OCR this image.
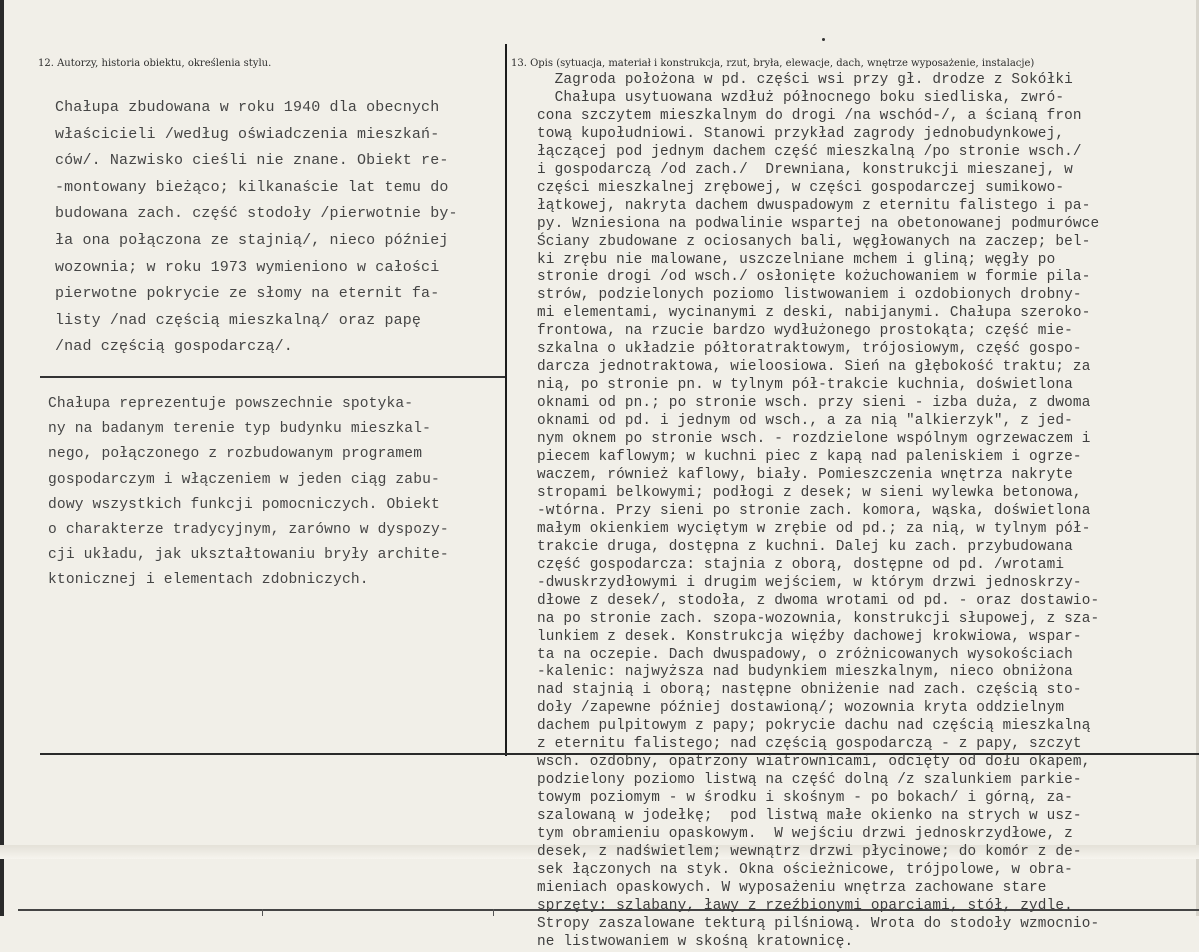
12. Autorzy, historia obiektu, określenia stylu.	13. Opis (sytuacja, materiał i konstrukcja, rzut, bryła, elewacje, dach, wnętrze wyposażenie, instalacje)
Chałupa zbudowana w roku 1940 dla obecnych
właścicieli /według oświadczenia mieszkań-
ców/. Nazwisko cieśli nie znane. Obiekt re-
-montowany bieżąco; kilkanaście lat temu do
budowana zach. część stodoły /pierwotnie by-
ła ona połączona ze stajnią/, nieco później
wozownia; w roku 1973 wymieniono w całości
pierwotne pokrycie ze słomy na eternit fa-
listy /nad częścią mieszkalną/ oraz papę
/nad częścią gospodarczą/.
Chałupa reprezentuje powszechnie spotyka-
ny na badanym terenie typ budynku mieszkal-
nego, połączonego z rozbudowanym programem
gospodarczym i włączeniem w jeden ciąg zabu-
dowy wszystkich funkcji pomocniczych. Obiekt
o charakterze tradycyjnym, zarówno w dyspozy-
cji układu, jak ukształtowaniu bryły archite-
ktonicznej i elementach zdobniczych.
Zagroda położona w pd. części wsi przy gł. drodze z Sokółki
Chałupa usytuowana wzdłuż północnego boku siedliska, zwró-
cona szczytem mieszkalnym do drogi /na wschód-/, a ścianą fron
tową kupołudniowi. Stanowi przykład zagrody jednobudynkowej,
łączącej pod jednym dachem część mieszkalną /po stronie wsch./
i gospodarczą /od zach./  Drewniana, konstrukcji mieszanej, w
części mieszkalnej zrębowej, w części gospodarczej sumikowo-
łątkowej, nakryta dachem dwuspadowym z eternitu falistego i pa-
py. Wzniesiona na podwalinie wspartej na obetonowanej podmurówce
Ściany zbudowane z ociosanych bali, węgłowanych na zaczep; bel-
ki zrębu nie malowane, uszczelniane mchem i gliną; węgły po
stronie drogi /od wsch./ osłonięte kożuchowaniem w formie pila-
strów, podzielonych poziomo listwowaniem i ozdobionych drobny-
mi elementami, wycinanymi z deski, nabijanymi. Chałupa szeroko-
frontowa, na rzucie bardzo wydłużonego prostokąta; część mie-
szkalna o układzie półtoratraktowym, trójosiowym, część gospo-
darcza jednotraktowa, wieloosiowa. Sień na głębokość traktu; za
nią, po stronie pn. w tylnym pół-trakcie kuchnia, doświetlona
oknami od pn.; po stronie wsch. przy sieni - izba duża, z dwoma
oknami od pd. i jednym od wsch., a za nią "alkierzyk", z jed-
nym oknem po stronie wsch. - rozdzielone wspólnym ogrzewaczem i
piecem kaflowym; w kuchni piec z kapą nad paleniskiem i ogrze-
waczem, również kaflowy, biały. Pomieszczenia wnętrza nakryte
stropami belkowymi; podłogi z desek; w sieni wylewka betonowa,
-wtórna. Przy sieni po stronie zach. komora, wąska, doświetlona
małym okienkiem wyciętym w zrębie od pd.; za nią, w tylnym pół-
trakcie druga, dostępna z kuchni. Dalej ku zach. przybudowana
część gospodarcza: stajnia z oborą, dostępne od pd. /wrotami
-dwuskrzydłowymi i drugim wejściem, w którym drzwi jednoskrzy-
dłowe z desek/, stodoła, z dwoma wrotami od pd. - oraz dostawio-
na po stronie zach. szopa-wozownia, konstrukcji słupowej, z sza-
lunkiem z desek. Konstrukcja więźby dachowej krokwiowa, wspar-
ta na oczepie. Dach dwuspadowy, o zróżnicowanych wysokościach
-kalenic: najwyższa nad budynkiem mieszkalnym, nieco obniżona
nad stajnią i oborą; następne obniżenie nad zach. częścią sto-
doły /zapewne później dostawioną/; wozownia kryta oddzielnym
dachem pulpitowym z papy; pokrycie dachu nad częścią mieszkalną
z eternitu falistego; nad częścią gospodarczą - z papy, szczyt
wsch. ozdobny, opatrzony wiatrownicami, odcięty od dołu okapem,
podzielony poziomo listwą na część dolną /z szalunkiem parkie-
towym poziomym - w środku i skośnym - po bokach/ i górną, za-
szalowaną w jodełkę;  pod listwą małe okienko na strych w usz-
tym obramieniu opaskowym.  W wejściu drzwi jednoskrzydłowe, z
desek, z nadświetlem; wewnątrz drzwi płycinowe; do komór z de-
sek łączonych na styk. Okna ościeżnicowe, trójpolowe, w obra-
mieniach opaskowych. W wyposażeniu wnętrza zachowane stare
sprzęty: szlabany, ławy z rzeźbionymi oparciami, stół, zydle.
Stropy zaszalowane tekturą pilśniową. Wrota do stodoły wzmocnio-
ne listwowaniem w skośną kratownicę.
